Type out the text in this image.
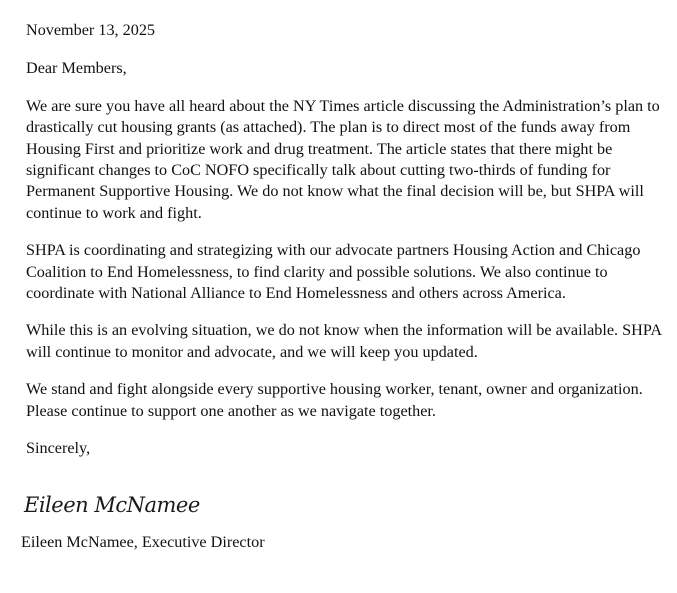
November 13, 2025

Dear Members,

We are sure you have all heard about the NY Times article discussing the Administration’s plan to drastically cut housing grants (as attached). The plan is to direct most of the funds away from Housing First and prioritize work and drug treatment. The article states that there might be significant changes to CoC NOFO specifically talk about cutting two-thirds of funding for Permanent Supportive Housing. We do not know what the final decision will be, but SHPA will continue to work and fight.

SHPA is coordinating and strategizing with our advocate partners Housing Action and Chicago Coalition to End Homelessness, to find clarity and possible solutions. We also continue to coordinate with National Alliance to End Homelessness and others across America.

While this is an evolving situation, we do not know when the information will be available. SHPA will continue to monitor and advocate, and we will keep you updated.

We stand and fight alongside every supportive housing worker, tenant, owner and organization. Please continue to support one another as we navigate together.

Sincerely,

Eileen McNamee
Eileen McNamee, Executive Director
